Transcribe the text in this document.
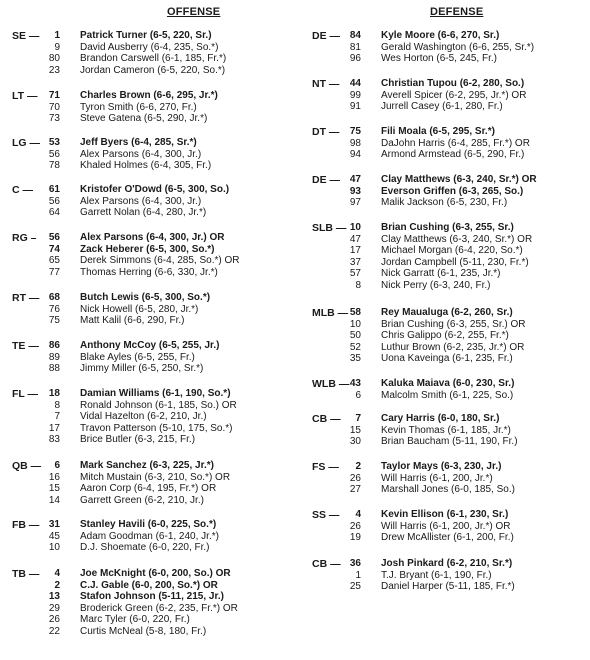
OFFENSE	DEFENSE
SE —	1 Patrick Turner (6-5, 220, Sr.)
9 David Ausberry (6-4, 235, So.*)
80 Brandon Carswell (6-1, 185, Fr.*)
23 Jordan Cameron (6-5, 220, So.*)
LT —	71 Charles Brown (6-6, 295, Jr.*)
70 Tyron Smith (6-6, 270, Fr.)
73 Steve Gatena (6-5, 290, Jr.*)
LG — 53 Jeff Byers (6-4, 285, Sr.*)
56 Alex Parsons (6-4, 300, Jr.)
78 Khaled Holmes (6-4, 305, Fr.)
C —	61 Kristofer O'Dowd (6-5, 300, So.)
56 Alex Parsons (6-4, 300, Jr.)
64 Garrett Nolan (6-4, 280, Jr.*)
RG –	56 Alex Parsons (6-4, 300, Jr.) OR
74 Zack Heberer (6-5, 300, So.*)
65 Derek Simmons (6-4, 285, So.*) OR
77 Thomas Herring (6-6, 330, Jr.*)
RT — 68 Butch Lewis (6-5, 300, So.*)
76 Nick Howell (6-5, 280, Jr.*)
75 Matt Kalil (6-6, 290, Fr.)
TE —	86 Anthony McCoy (6-5, 255, Jr.)
89 Blake Ayles (6-5, 255, Fr.)
88 Jimmy Miller (6-5, 250, Sr.*)
FL —	18 Damian Williams (6-1, 190, So.*)
8 Ronald Johnson (6-1, 185, So.) OR
7 Vidal Hazelton (6-2, 210, Jr.)
17 Travon Patterson (5-10, 175, So.*)
83 Brice Butler (6-3, 215, Fr.)
QB —	6 Mark Sanchez (6-3, 225, Jr.*)
16 Mitch Mustain (6-3, 210, So.*) OR
15 Aaron Corp (6-4, 195, Fr.*) OR
14 Garrett Green (6-2, 210, Jr.)
FB — 31 Stanley Havili (6-0, 225, So.*)
45 Adam Goodman (6-1, 240, Jr.*)
10 D.J. Shoemate (6-0, 220, Fr.)
TB —	4 Joe McKnight (6-0, 200, So.) OR
2 C.J. Gable (6-0, 200, So.*) OR
13 Stafon Johnson (5-11, 215, Jr.)
29 Broderick Green (6-2, 235, Fr.*) OR
26 Marc Tyler (6-0, 220, Fr.)
22 Curtis McNeal (5-8, 180, Fr.)
DE — 84 Kyle Moore (6-6, 270, Sr.)
81 Gerald Washington (6-6, 255, Sr.*)
96 Wes Horton (6-5, 245, Fr.)
NT —	44 Christian Tupou (6-2, 280, So.)
99 Averell Spicer (6-2, 295, Jr.*) OR
91 Jurrell Casey (6-1, 280, Fr.)
DT —	75 Fili Moala (6-5, 295, Sr.*)
98 DaJohn Harris (6-4, 285, Fr.*) OR
94 Armond Armstead (6-5, 290, Fr.)
DE — 47 Clay Matthews (6-3, 240, Sr.*) OR
93 Everson Griffen (6-3, 265, So.)
97 Malik Jackson (6-5, 230, Fr.)
SLB — 10 Brian Cushing (6-3, 255, Sr.)
47 Clay Matthews (6-3, 240, Sr.*) OR
17 Michael Morgan (6-4, 220, So.*)
37 Jordan Campbell (5-11, 230, Fr.*)
57 Nick Garratt (6-1, 235, Jr.*)
8 Nick Perry (6-3, 240, Fr.)
MLB — 58 Rey Maualuga (6-2, 260, Sr.)
10 Brian Cushing (6-3, 255, Sr.) OR
50 Chris Galippo (6-2, 255, Fr.*)
52 Luthur Brown (6-2, 235, Jr.*) OR
35 Uona Kaveinga (6-1, 235, Fr.)
WLB — 43 Kaluka Maiava (6-0, 230, Sr.)
6 Malcolm Smith (6-1, 225, So.)
CB —	7 Cary Harris (6-0, 180, Sr.)
15 Kevin Thomas (6-1, 185, Jr.*)
30 Brian Baucham (5-11, 190, Fr.)
FS —	2 Taylor Mays (6-3, 230, Jr.)
26 Will Harris (6-1, 200, Jr.*)
27 Marshall Jones (6-0, 185, So.)
SS —	4 Kevin Ellison (6-1, 230, Sr.)
26 Will Harris (6-1, 200, Jr.*) OR
19 Drew McAllister (6-1, 200, Fr.)
CB — 36 Josh Pinkard (6-2, 210, Sr.*)
1 T.J. Bryant (6-1, 190, Fr.)
25 Daniel Harper (5-11, 185, Fr.*)
